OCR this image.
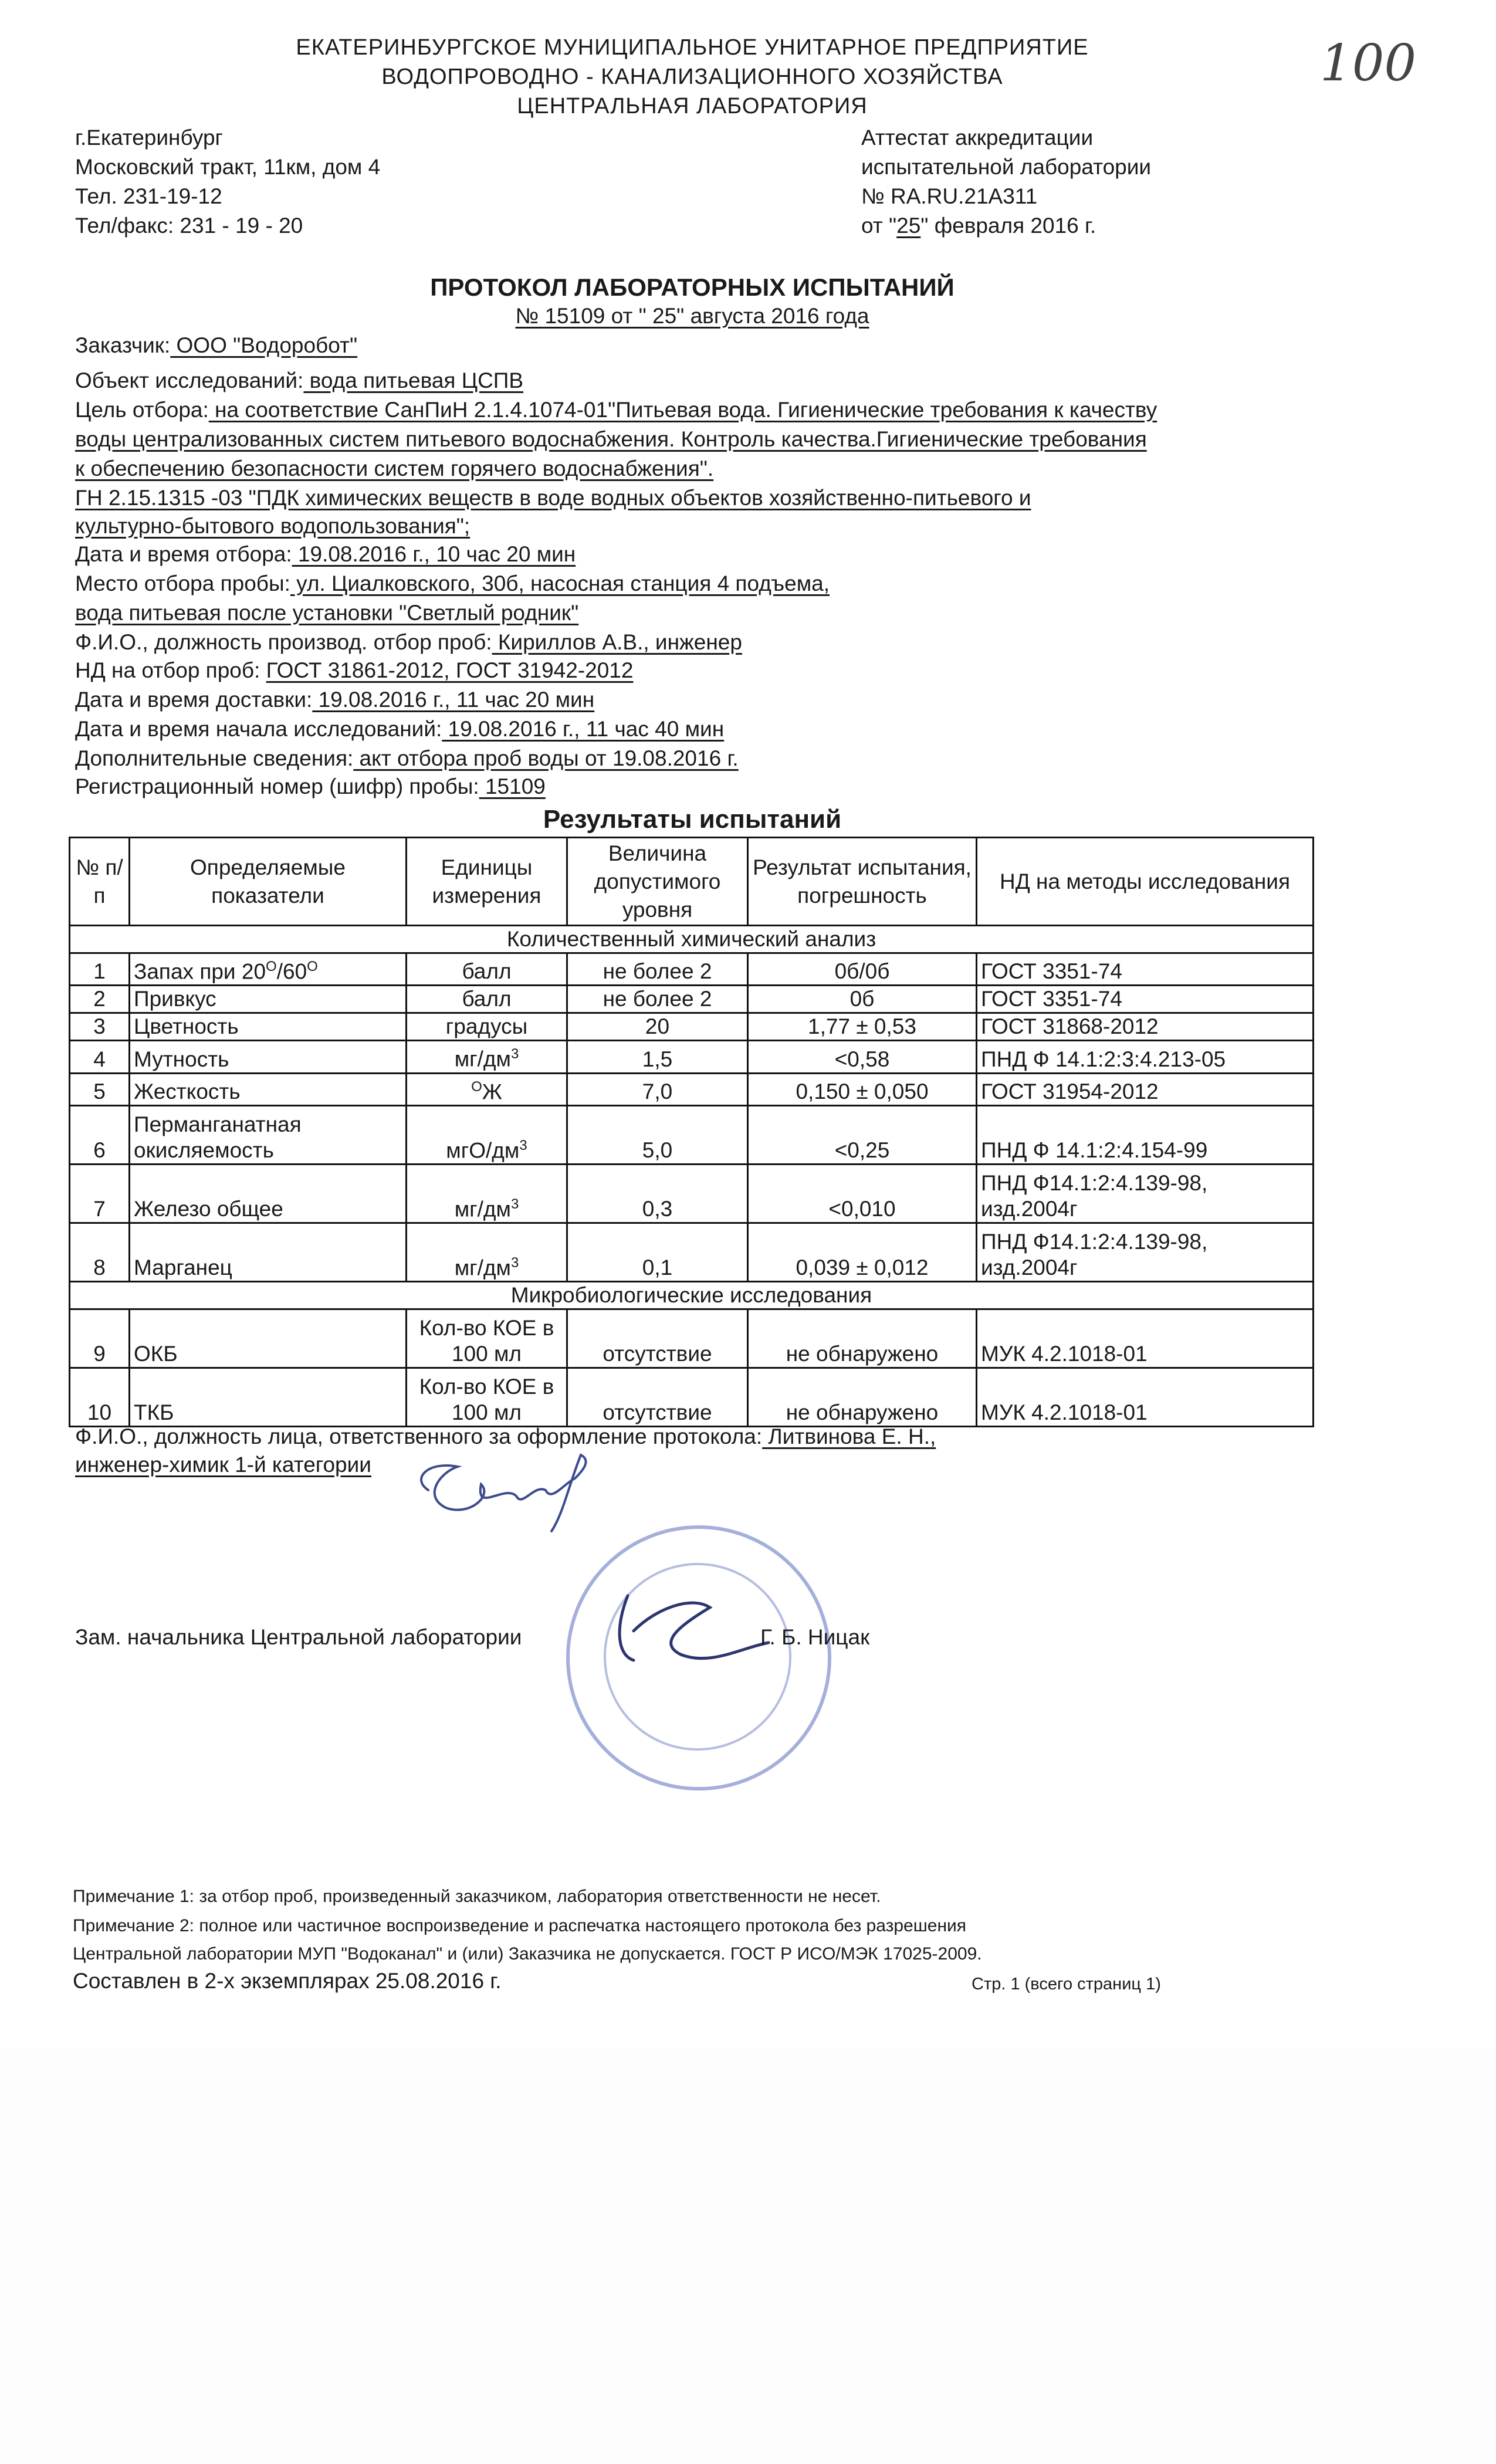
ЕКАТЕРИНБУРГСКОЕ МУНИЦИПАЛЬНОЕ УНИТАРНОЕ ПРЕДПРИЯТИЕ
ВОДОПРОВОДНО - КАНАЛИЗАЦИОННОГО ХОЗЯЙСТВА
ЦЕНТРАЛЬНАЯ ЛАБОРАТОРИЯ
100
г.Екатеринбург
Московский тракт, 11км, дом 4
Тел. 231-19-12
Тел/факс: 231 - 19 - 20
Аттестат аккредитации
испытательной лаборатории
№ RA.RU.21A311
от "25" февраля 2016 г.
ПРОТОКОЛ ЛАБОРАТОРНЫХ ИСПЫТАНИЙ
№ 15109 от " 25" августа 2016 года
Заказчик: ООО "Водоробот"
Объект исследований: вода питьевая ЦСПВ
Цель отбора: на соответствие СанПиН 2.1.4.1074-01"Питьевая вода. Гигиенические требования к качеству
воды централизованных систем питьевого водоснабжения. Контроль качества.Гигиенические требования
к обеспечению безопасности систем горячего водоснабжения".
ГН 2.15.1315 -03 "ПДК химических веществ в воде водных объектов хозяйственно-питьевого и
культурно-бытового водопользования";
Дата и время отбора: 19.08.2016 г., 10 час 20 мин
Место отбора пробы: ул. Циалковского, 30б, насосная станция 4 подъема,
вода питьевая после установки "Светлый родник"
Ф.И.О., должность производ. отбор проб: Кириллов А.В., инженер
НД на отбор проб: ГОСТ 31861-2012, ГОСТ 31942-2012
Дата и время доставки: 19.08.2016 г., 11 час 20 мин
Дата и время начала исследований: 19.08.2016 г., 11 час 40 мин
Дополнительные сведения: акт отбора проб воды от 19.08.2016 г.
Регистрационный номер (шифр) пробы: 15109
Результаты испытаний
№ п/п	Определяемые показатели	Единицы измерения	Величина допустимого уровня	Результат испытания, погрешность	НД на методы исследования
Количественный химический анализ					
1	Запах при $20^О/60^О$	балл	не более 2	0б/0б	ГОСТ 3351-74
2	Привкус	балл	не более 2	0б	ГОСТ 3351-74
3	Цветность	градусы	20	1,77 ± 0,53	ГОСТ 31868-2012
4	Мутность	$мг/дм^3$	1,5	<0,58	ПНД Ф 14.1:2:3:4.213-05
5	Жесткость	$^О$Ж	7,0	0,150 ± 0,050	ГОСТ 31954-2012
6	Перманганатная
окисляемость	мгО/$дм^3$	5,0	<0,25	ПНД Ф 14.1:2:4.154-99
7	Железо общее	$мг/дм^3$	0,3	<0,010	ПНД Ф14.1:2:4.139-98,
изд.2004г

8	Марганец	$мг/дм^3$	0,1	0,039 ± 0,012	ПНД Ф14.1:2:4.139-98,
изд.2004г

Микробиологические исследования					
9	ОКБ	Кол-во КОЕ в
100 мл	отсутствие	не обнаружено	МУК 4.2.1018-01
10	ТКБ	Кол-во КОЕ в
100 мл	отсутствие	не обнаружено	МУК 4.2.1018-01
Ф.И.О., должность лица, ответственного за оформление протокола: Литвинова Е. Н.,
инженер-химик 1-й категории
Зам. начальника Центральной лаборатории	Г. Б. Ницак
Примечание 1: за отбор проб, произведенный заказчиком, лаборатория ответственности не несет.
Примечание 2: полное или частичное воспроизведение и распечатка настоящего протокола без разрешения
Центральной лаборатории МУП "Водоканал" и (или) Заказчика не допускается. ГОСТ Р ИСО/МЭК 17025-2009.
Составлен в 2-х экземплярах 25.08.2016 г.	Стр. 1 (всего страниц 1)
